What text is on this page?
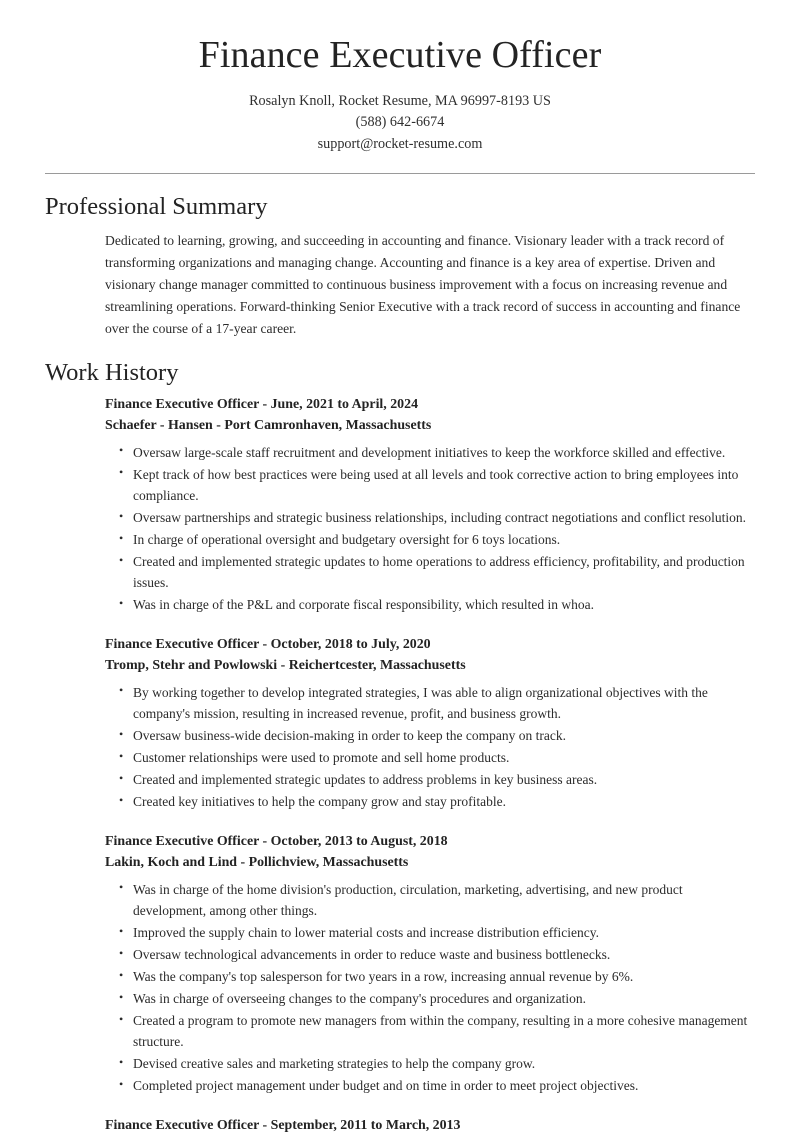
Finance Executive Officer

Rosalyn Knoll, Rocket Resume, MA 96997-8193 US

(588) 642-6674

support@rocket-resume.com

Professional Summary

Dedicated to learning, growing, and succeeding in accounting and finance. Visionary leader with a track record of transforming organizations and managing change. Accounting and finance is a key area of expertise. Driven and visionary change manager committed to continuous business improvement with a focus on increasing revenue and streamlining operations. Forward-thinking Senior Executive with a track record of success in accounting and finance over the course of a 17-year career.

Work History

Finance Executive Officer - June, 2021 to April, 2024

Schaefer - Hansen - Port Camronhaven, Massachusetts

• Oversaw large-scale staff recruitment and development initiatives to keep the workforce skilled and effective.
• Kept track of how best practices were being used at all levels and took corrective action to bring employees into compliance.
• Oversaw partnerships and strategic business relationships, including contract negotiations and conflict resolution.
• In charge of operational oversight and budgetary oversight for 6 toys locations.
• Created and implemented strategic updates to home operations to address efficiency, profitability, and production issues.
• Was in charge of the P&L and corporate fiscal responsibility, which resulted in whoa.

Finance Executive Officer - October, 2018 to July, 2020

Tromp, Stehr and Powlowski - Reichertcester, Massachusetts

• By working together to develop integrated strategies, I was able to align organizational objectives with the company's mission, resulting in increased revenue, profit, and business growth.
• Oversaw business-wide decision-making in order to keep the company on track.
• Customer relationships were used to promote and sell home products.
• Created and implemented strategic updates to address problems in key business areas.
• Created key initiatives to help the company grow and stay profitable.

Finance Executive Officer - October, 2013 to August, 2018

Lakin, Koch and Lind - Pollichview, Massachusetts

• Was in charge of the home division's production, circulation, marketing, advertising, and new product development, among other things.
• Improved the supply chain to lower material costs and increase distribution efficiency.
• Oversaw technological advancements in order to reduce waste and business bottlenecks.
• Was the company's top salesperson for two years in a row, increasing annual revenue by 6%.
• Was in charge of overseeing changes to the company's procedures and organization.
• Created a program to promote new managers from within the company, resulting in a more cohesive management structure.
• Devised creative sales and marketing strategies to help the company grow.
• Completed project management under budget and on time in order to meet project objectives.

Finance Executive Officer - September, 2011 to March, 2013
